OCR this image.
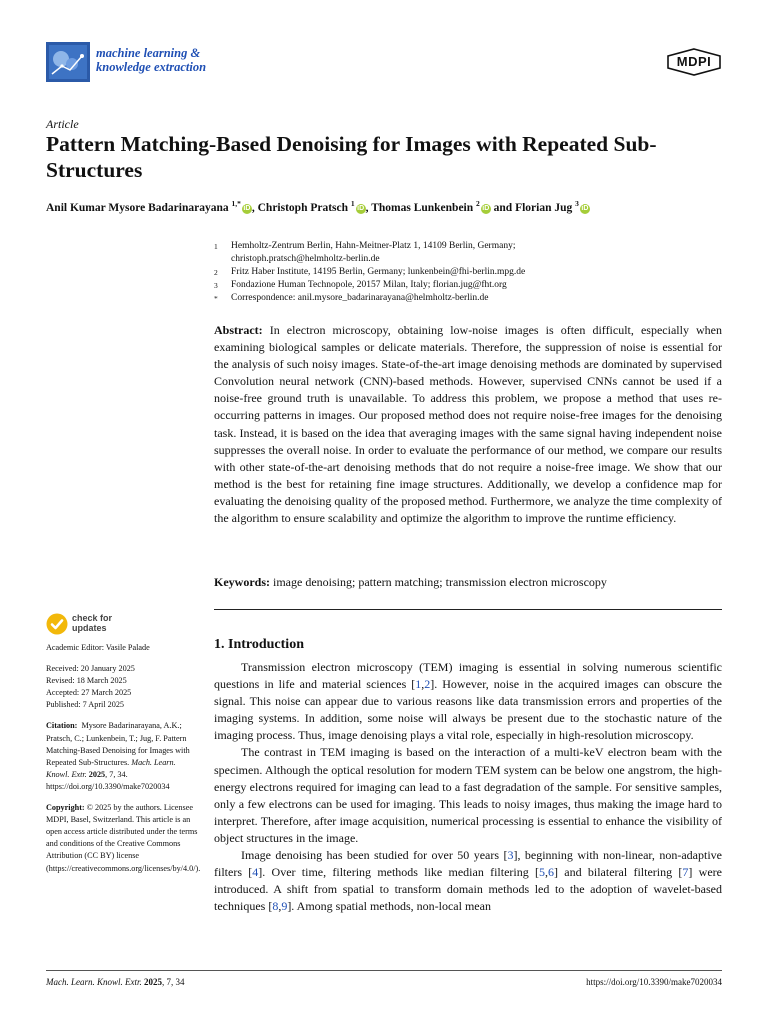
machine learning &
knowledge extraction	MDPI
Article
Pattern Matching-Based Denoising for Images with Repeated Sub-Structures
Anil Kumar Mysore Badarinarayana $^{1,*}$iD , Christoph Pratsch $^1$iD , Thomas Lunkenbein $^2$iD and Florian Jug $^3$iD
1	Hemholtz-Zentrum Berlin, Hahn-Meitner-Platz 1, 14109 Berlin, Germany;
christoph.pratsch@helmholtz-berlin.de
2	Fritz Haber Institute, 14195 Berlin, Germany; lunkenbein@fhi-berlin.mpg.de
3	Fondazione Human Technopole, 20157 Milan, Italy; florian.jug@fht.org
*	Correspondence: anil.mysore_badarinarayana@helmholtz-berlin.de
Abstract: In electron microscopy, obtaining low-noise images is often difficult, especially when examining biological samples or delicate materials. Therefore, the suppression of noise is essential for the analysis of such noisy images. State-of-the-art image denoising methods are dominated by supervised Convolution neural network (CNN)-based methods. However, supervised CNNs cannot be used if a noise-free ground truth is unavailable. To address this problem, we propose a method that uses re-occurring patterns in images. Our proposed method does not require noise-free images for the denoising task. Instead, it is based on the idea that averaging images with the same signal having independent noise suppresses the overall noise. In order to evaluate the performance of our method, we compare our results with other state-of-the-art denoising methods that do not require a noise-free image. We show that our method is the best for retaining fine image structures. Additionally, we develop a confidence map for evaluating the denoising quality of the proposed method. Furthermore, we analyze the time complexity of the algorithm to ensure scalability and optimize the algorithm to improve the runtime efficiency.
Keywords: image denoising; pattern matching; transmission electron microscopy
check for
updates

Academic Editor: Vasile Palade

Received: 20 January 2025

Revised: 18 March 2025

Accepted: 27 March 2025

Published: 7 April 2025

Citation: Mysore Badarinarayana, A.K.; Pratsch, C.; Lunkenbein, T.; Jug, F. Pattern Matching-Based Denoising for Images with Repeated Sub-Structures. Mach. Learn. Knowl. Extr. 2025, 7, 34. https://doi.org/10.3390/make7020034

Copyright: © 2025 by the authors. Licensee MDPI, Basel, Switzerland. This article is an open access article distributed under the terms and conditions of the Creative Commons Attribution (CC BY) license (https://creativecommons.org/licenses/by/4.0/).

1. Introduction

Transmission electron microscopy (TEM) imaging is essential in solving numerous scientific questions in life and material sciences [1,2]. However, noise in the acquired images can obscure the signal. This noise can appear due to various reasons like data transmission errors and properties of the imaging systems. In addition, some noise will always be present due to the stochastic nature of the imaging process. Thus, image denoising plays a vital role, especially in high-resolution microscopy.

The contrast in TEM imaging is based on the interaction of a multi-keV electron beam with the specimen. Although the optical resolution for modern TEM system can be below one angstrom, the high-energy electrons required for imaging can lead to a fast degradation of the sample. For sensitive samples, only a few electrons can be used for imaging. This leads to noisy images, thus making the image hard to interpret. Therefore, after image acquisition, numerical processing is essential to enhance the visibility of object structures in the image.

Image denoising has been studied for over 50 years [3], beginning with non-linear, non-adaptive filters [4]. Over time, filtering methods like median filtering [5,6] and bilateral filtering [7] were introduced. A shift from spatial to transform domain methods led to the adoption of wavelet-based techniques [8,9]. Among spatial methods, non-local mean

Mach. Learn. Knowl. Extr. 2025, 7, 34	https://doi.org/10.3390/make7020034
